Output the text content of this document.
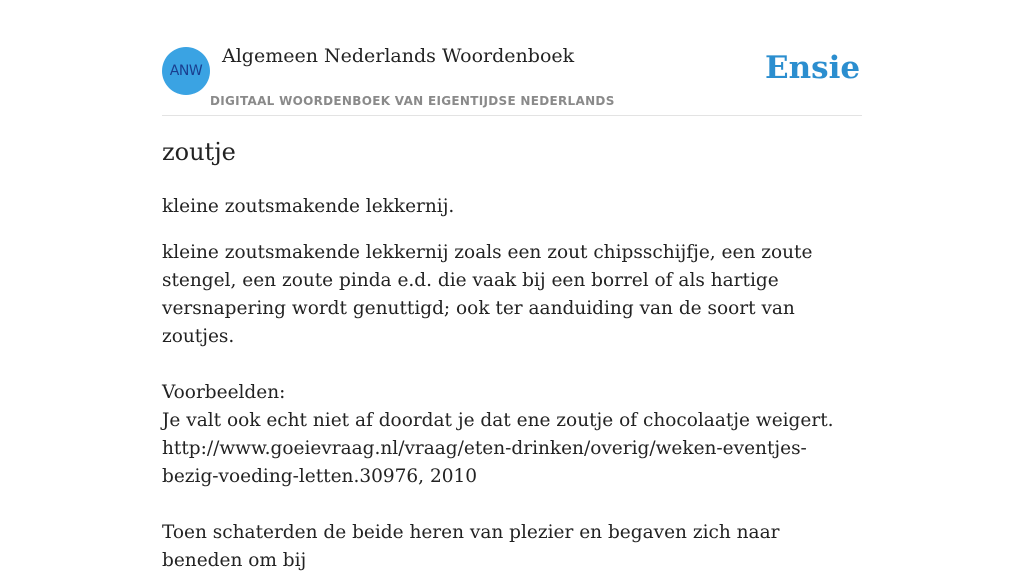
ANW
Algemeen Nederlands Woordenboek
DIGITAAL WOORDENBOEK VAN EIGENTIJDSE NEDERLANDS
Ensie
zoutje

kleine zoutsmakende lekkernij.

kleine zoutsmakende lekkernij zoals een zout chipsschijfje, een zoute stengel, een zoute pinda e.d. die vaak bij een borrel of als hartige versnapering wordt genuttigd; ook ter aanduiding van de soort van zoutjes.

Voorbeelden:

Je valt ook echt niet af doordat je dat ene zoutje of chocolaatje weigert.

http://www.goeievraag.nl/vraag/eten-drinken/overig/weken-eventjes-bezig-voeding-letten.30976, 2010

Toen schaterden de beide heren van plezier en begaven zich naar beneden om bij
